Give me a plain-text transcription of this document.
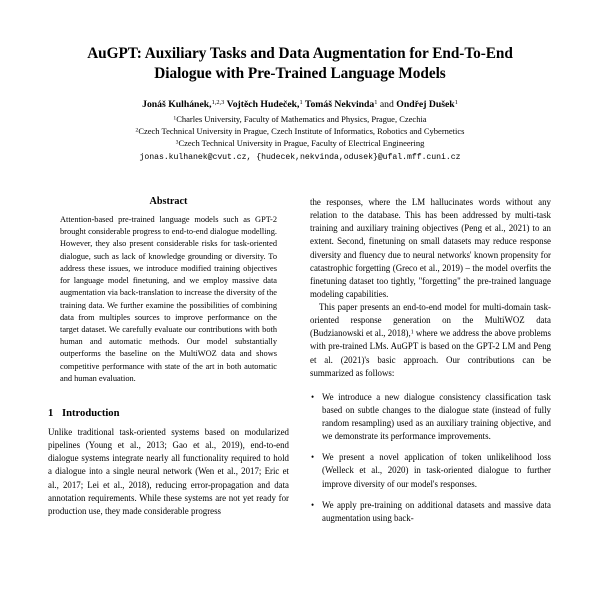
AuGPT: Auxiliary Tasks and Data Augmentation for End-To-End
Dialogue with Pre-Trained Language Models

Jonáš Kulhánek,$^{1,2,3}$ Vojtěch Hudeček,$^1$ Tomáš Nekvinda$^1$ and Ondřej Dušek$^1$

$^1$Charles University, Faculty of Mathematics and Physics, Prague, Czechia

$^2$Czech Technical University in Prague, Czech Institute of Informatics, Robotics and Cybernetics

$^3$Czech Technical University in Prague, Faculty of Electrical Engineering

jonas.kulhanek@cvut.cz, {hudecek,nekvinda,odusek}@ufal.mff.cuni.cz

Abstract

Attention-based pre-trained language models such as GPT-2 brought considerable progress to end-to-end dialogue modelling. However, they also present considerable risks for task-oriented dialogue, such as lack of knowledge grounding or diversity. To address these issues, we introduce modified training objectives for language model finetuning, and we employ massive data augmentation via back-translation to increase the diversity of the training data. We further examine the possibilities of combining data from multiples sources to improve performance on the target dataset. We carefully evaluate our contributions with both human and automatic methods. Our model substantially outperforms the baseline on the MultiWOZ data and shows competitive performance with state of the art in both automatic and human evaluation.

1 Introduction

Unlike traditional task-oriented systems based on modularized pipelines (Young et al., 2013; Gao et al., 2019), end-to-end dialogue systems integrate nearly all functionality required to hold a dialogue into a single neural network (Wen et al., 2017; Eric et al., 2017; Lei et al., 2018), reducing error-propagation and data annotation requirements. While these systems are not yet ready for production use, they made considerable progress

the responses, where the LM hallucinates words without any relation to the database. This has been addressed by multi-task training and auxiliary training objectives (Peng et al., 2021) to an extent. Second, finetuning on small datasets may reduce response diversity and fluency due to neural networks' known propensity for catastrophic forgetting (Greco et al., 2019) – the model overfits the finetuning dataset too tightly, "forgetting" the pre-trained language modeling capabilities.

This paper presents an end-to-end model for multi-domain task-oriented response generation on the MultiWOZ data (Budzianowski et al., 2018),$^1$ where we address the above problems with pre-trained LMs. AuGPT is based on the GPT-2 LM and Peng et al. (2021)'s basic approach. Our contributions can be summarized as follows:

• We introduce a new dialogue consistency classification task based on subtle changes to the dialogue state (instead of fully random resampling) used as an auxiliary training objective, and we demonstrate its performance improvements.
• We present a novel application of token unlikelihood loss (Welleck et al., 2020) in task-oriented dialogue to further improve diversity of our model's responses.
• We apply pre-training on additional datasets and massive data augmentation using back-
